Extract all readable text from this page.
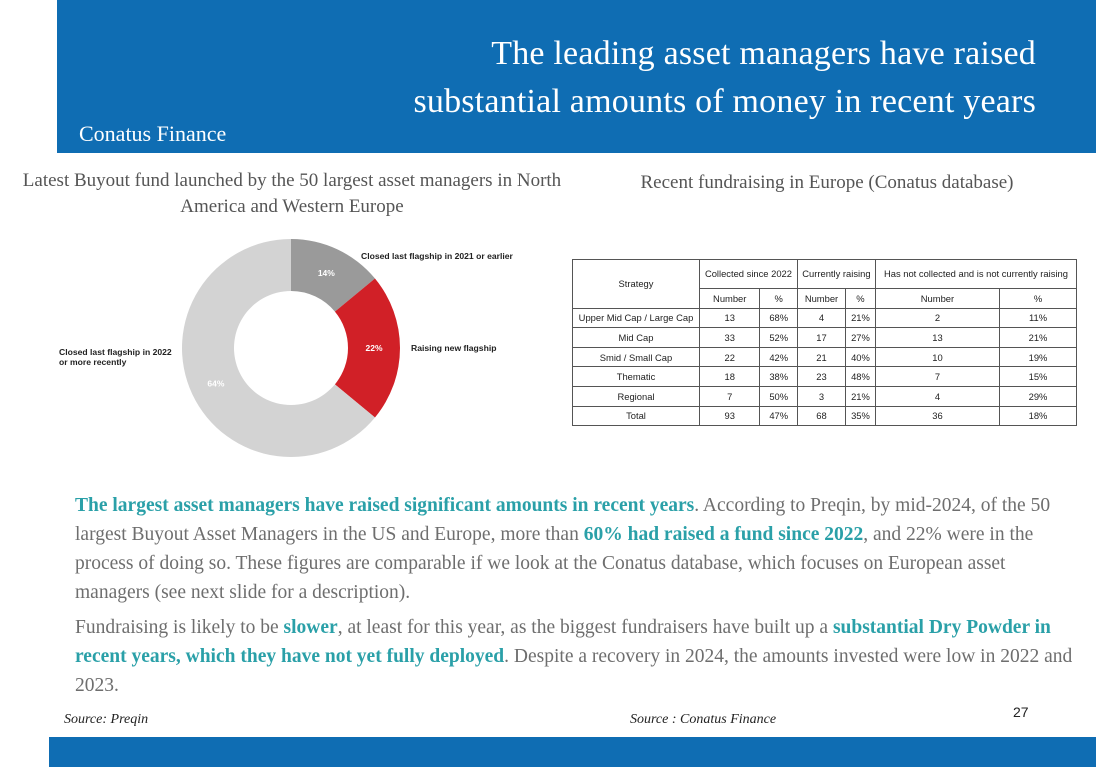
The leading asset managers have raised
substantial amounts of money in recent years
Conatus Finance
Latest Buyout fund launched by the 50 largest asset managers in North America and Western Europe
Recent fundraising in Europe (Conatus database)
14%
22%
64%
Closed last flagship in 2021 or earlier
Raising new flagship
Closed last flagship in 2022 or more recently
Strategy	Collected since 2022		Currently raising		Has not collected and is not currently raising	
	Number	%	Number	%	Number	%
Upper Mid Cap / Large Cap	13	68%	4	21%	2	11%
Mid Cap	33	52%	17	27%	13	21%
Smid / Small Cap	22	42%	21	40%	10	19%
Thematic	18	38%	23	48%	7	15%
Regional	7	50%	3	21%	4	29%
Total	93	47%	68	35%	36	18%

The largest asset managers have raised significant amounts in recent years. According to Preqin, by mid-2024, of the 50 largest Buyout Asset Managers in the US and Europe, more than 60% had raised a fund since 2022, and 22% were in the process of doing so. These figures are comparable if we look at the Conatus database, which focuses on European asset managers (see next slide for a description).

Fundraising is likely to be slower, at least for this year, as the biggest fundraisers have built up a substantial Dry Powder in recent years, which they have not yet fully deployed. Despite a recovery in 2024, the amounts invested were low in 2022 and 2023.

Source: Preqin	Source : Conatus Finance	27
